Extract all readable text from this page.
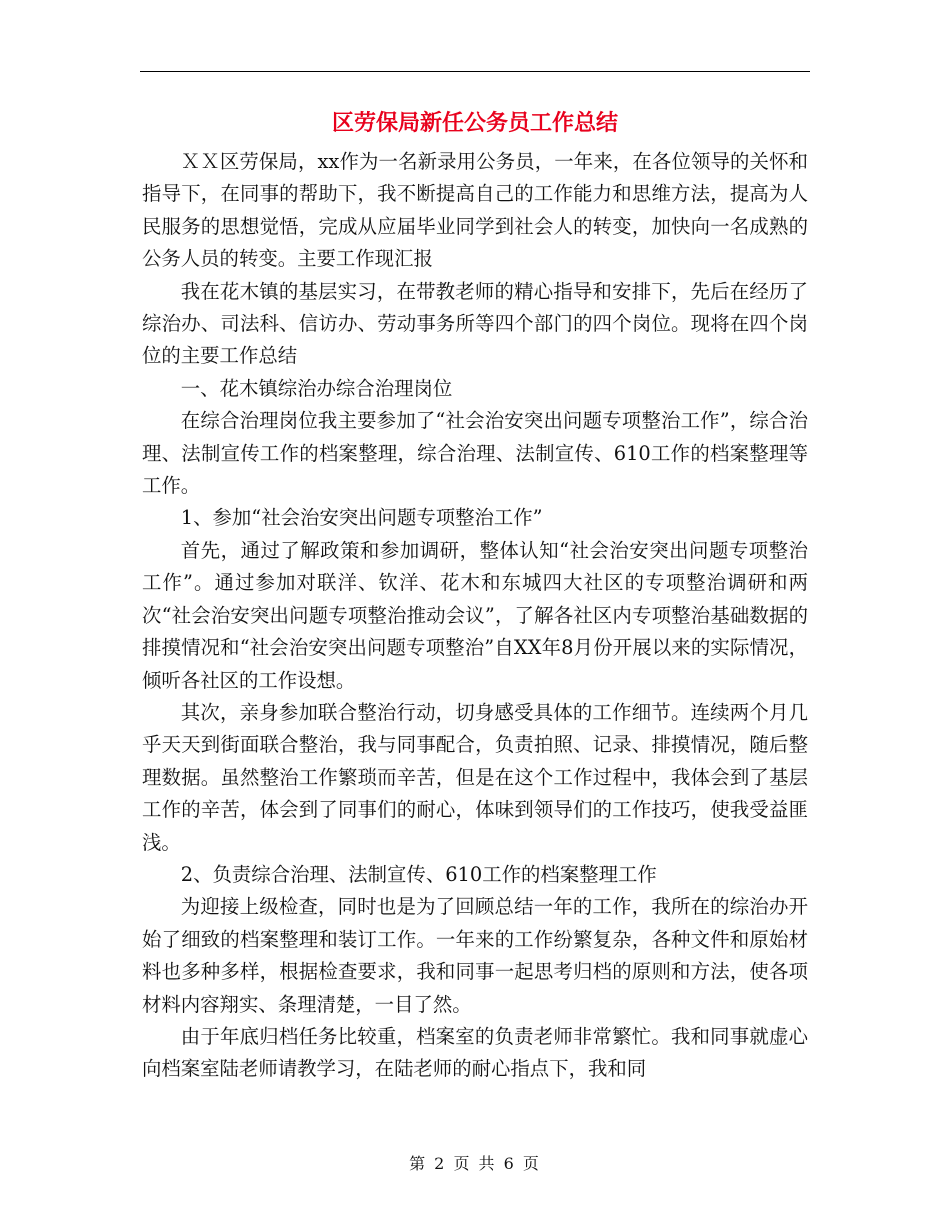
区劳保局新任公务员工作总结

ＸＸ区劳保局，xx作为一名新录用公务员，一年来，在各位领导的关怀和指导下，在同事的帮助下，我不断提高自己的工作能力和思维方法，提高为人民服务的思想觉悟，完成从应届毕业同学到社会人的转变，加快向一名成熟的公务人员的转变。主要工作现汇报

我在花木镇的基层实习，在带教老师的精心指导和安排下，先后在经历了综治办、司法科、信访办、劳动事务所等四个部门的四个岗位。现将在四个岗位的主要工作总结

一、花木镇综治办综合治理岗位

在综合治理岗位我主要参加了“社会治安突出问题专项整治工作”，综合治理、法制宣传工作的档案整理，综合治理、法制宣传、610工作的档案整理等工作。

1、参加“社会治安突出问题专项整治工作”

首先，通过了解政策和参加调研，整体认知“社会治安突出问题专项整治工作”。通过参加对联洋、钦洋、花木和东城四大社区的专项整治调研和两次“社会治安突出问题专项整治推动会议”，了解各社区内专项整治基础数据的排摸情况和“社会治安突出问题专项整治”自XX年8月份开展以来的实际情况，倾听各社区的工作设想。

其次，亲身参加联合整治行动，切身感受具体的工作细节。连续两个月几乎天天到街面联合整治，我与同事配合，负责拍照、记录、排摸情况，随后整理数据。虽然整治工作繁琐而辛苦，但是在这个工作过程中，我体会到了基层工作的辛苦，体会到了同事们的耐心，体味到领导们的工作技巧，使我受益匪浅。

2、负责综合治理、法制宣传、610工作的档案整理工作

为迎接上级检查，同时也是为了回顾总结一年的工作，我所在的综治办开始了细致的档案整理和装订工作。一年来的工作纷繁复杂，各种文件和原始材料也多种多样，根据检查要求，我和同事一起思考归档的原则和方法，使各项材料内容翔实、条理清楚，一目了然。

由于年底归档任务比较重，档案室的负责老师非常繁忙。我和同事就虚心向档案室陆老师请教学习，在陆老师的耐心指点下，我和同

第 2 页 共 6 页
